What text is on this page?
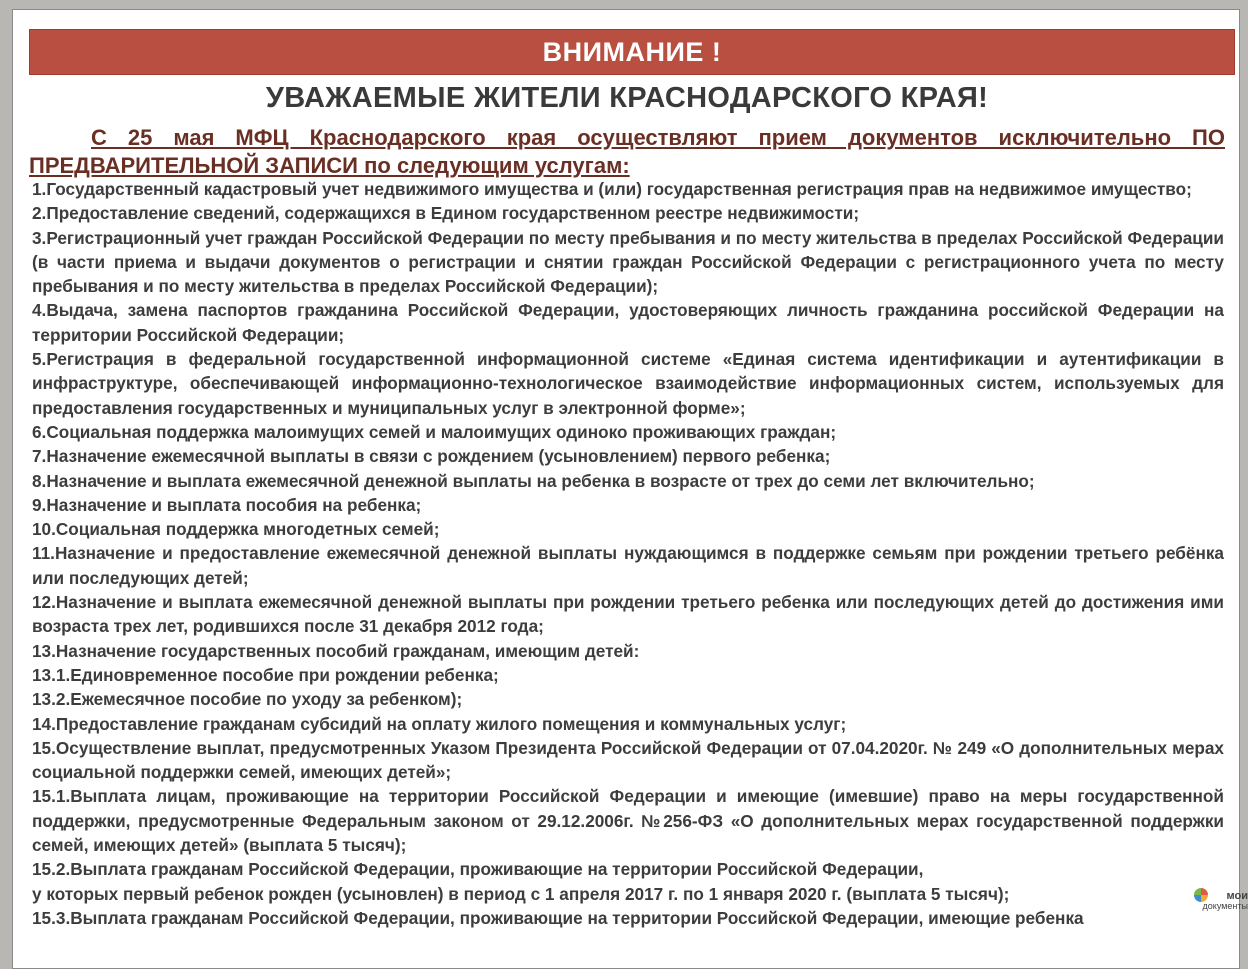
ВНИМАНИЕ !
УВАЖАЕМЫЕ ЖИТЕЛИ КРАСНОДАРСКОГО КРАЯ!
С 25 мая МФЦ Краснодарского края осуществляют прием документов исключительно ПО ПРЕДВАРИТЕЛЬНОЙ ЗАПИСИ по следующим услугам:
1.Государственный кадастровый учет недвижимого имущества и (или) государственная регистрация прав на недвижимое имущество;
2.Предоставление сведений, содержащихся в Едином государственном реестре недвижимости;
3.Регистрационный учет граждан Российской Федерации по месту пребывания и по месту жительства в пределах Российской Федерации (в части приема и выдачи документов о регистрации и снятии граждан Российской Федерации с регистрационного учета по месту пребывания и по месту жительства в пределах Российской Федерации);
4.Выдача, замена паспортов гражданина Российской Федерации, удостоверяющих личность гражданина российской Федерации на территории Российской Федерации;
5.Регистрация в федеральной государственной информационной системе «Единая система идентификации и аутентификации в инфраструктуре, обеспечивающей информационно-технологическое взаимодействие информационных систем, используемых для предоставления государственных и муниципальных услуг в электронной форме»;
6.Социальная поддержка малоимущих семей и малоимущих одиноко проживающих граждан;
7.Назначение ежемесячной выплаты в связи с рождением (усыновлением) первого ребенка;
8.Назначение и выплата ежемесячной денежной выплаты на ребенка в возрасте от трех до семи лет включительно;
9.Назначение и выплата пособия на ребенка;
10.Социальная поддержка многодетных семей;
11.Назначение и предоставление ежемесячной денежной выплаты нуждающимся в поддержке семьям при рождении третьего ребёнка или последующих детей;
12.Назначение и выплата ежемесячной денежной выплаты при рождении третьего ребенка или последующих детей до достижения ими возраста трех лет, родившихся после 31 декабря 2012 года;
13.Назначение государственных пособий гражданам, имеющим детей:
13.1.Единовременное пособие при рождении ребенка;
13.2.Ежемесячное пособие по уходу за ребенком);
14.Предоставление гражданам субсидий на оплату жилого помещения и коммунальных услуг;
15.Осуществление выплат, предусмотренных Указом Президента Российской Федерации от 07.04.2020г. № 249 «О дополнительных мерах социальной поддержки семей, имеющих детей»;
15.1.Выплата лицам, проживающие на территории Российской Федерации и имеющие (имевшие) право на меры государственной поддержки, предусмотренные Федеральным законом от 29.12.2006г. №256-ФЗ «О дополнительных мерах государственной поддержки семей, имеющих детей» (выплата 5 тысяч);
15.2.Выплата гражданам Российской Федерации, проживающие на территории Российской Федерации,
у которых первый ребенок рожден (усыновлен) в период с 1 апреля 2017 г. по 1 января 2020 г. (выплата 5 тысяч);
15.3.Выплата гражданам Российской Федерации, проживающие на территории Российской Федерации, имеющие ребенка
мои
документы
